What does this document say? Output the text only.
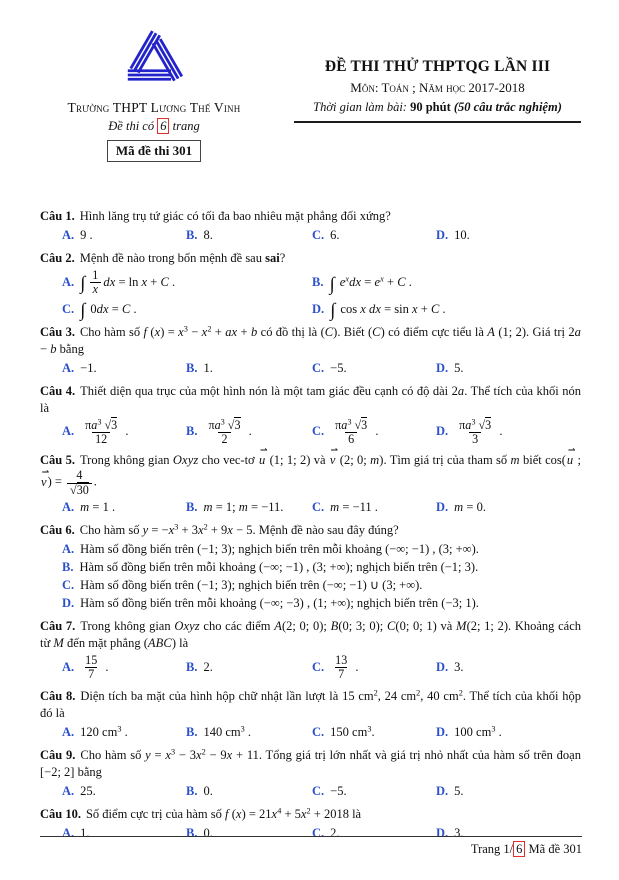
Trường THPT Lương Thế Vinh
Đề thi có 6 trang
Mã đề thi 301
ĐỀ THI THỬ THPTQG LẦN III
Môn: Toán ; Năm học 2017-2018
Thời gian làm bài: 90 phút (50 câu trắc nghiệm)
Câu 1. Hình lăng trụ tứ giác có tối đa bao nhiêu mặt phẳng đối xứng?
A. 9 .	B. 8.	C. 6.	D. 10.
Câu 2. Mệnh đề nào trong bốn mệnh đề sau sai?
A. ∫ $\frac{1}{x}$ dx = ln x + C .	B. ∫ $e^xdx = e^x + C$ .
C. ∫ 0dx = C .	D. ∫ cos x dx = sin x + C .
Câu 3. Cho hàm số f $(x) = x^3 - x^2$ + ax + b có đồ thị là (C). Biết (C) có điểm cực tiểu là A (1; 2). Giá trị 2a − b bằng
A. −1.	B. 1.	C. −5.	D. 5.
Câu 4. Thiết diện qua trục của một hình nón là một tam giác đều cạnh có độ dài 2a. Thể tích của khối nón là
A. $\frac{\pi a^3 √3}{12}$ .	B. $\frac{\pi a^3 √3}{2}$ .	C. $\frac{\pi a^3 √3}{6}$ .	D. $\frac{\pi a^3 √3}{3}$ .
Câu 5. Trong không gian Oxyz cho vec-tơ u ⇀ (1; 1; 2) và v ⇀ (2; 0; m). Tìm giá trị của tham số m biết cos(u ⇀ ; v ⇀) = $\frac{4}{√30}$ .
A. m = 1 .	B. m = 1; m = −11.	C. m = −11 .	D. m = 0.
Câu 6. Cho hàm số $y = -x^3 + 3x^2 + 9x - 5$. Mệnh đề nào sau đây đúng?
A. Hàm số đồng biến trên (−1; 3); nghịch biến trên mỗi khoảng (−∞; −1) , (3; +∞).
B. Hàm số đồng biến trên mỗi khoảng (−∞; −1) , (3; +∞); nghịch biến trên (−1; 3).
C. Hàm số đồng biến trên (−1; 3); nghịch biến trên (−∞; −1) ∪ (3; +∞).
D. Hàm số đồng biến trên mỗi khoảng (−∞; −3) , (1; +∞); nghịch biến trên (−3; 1).
Câu 7. Trong không gian Oxyz cho các điểm A(2; 0; 0); B(0; 3; 0); C(0; 0; 1) và M(2; 1; 2). Khoảng cách từ M đến mặt phẳng (ABC) là
A. $\frac{15}{7}$ .	B. 2.	C. $\frac{13}{7}$ .	D. 3.
Câu 8. Diện tích ba mặt của hình hộp chữ nhật lần lượt là 15 $cm^2$, 24 $cm^2$, 40 $cm^2$. Thể tích của khối hộp đó là
A. 120 $cm^3$ .	B. 140 $cm^3$ .	C. 150 $cm^3$.	D. 100 $cm^3$ .
Câu 9. Cho hàm số $y = x^3 - 3x^2 - 9x + 11$. Tổng giá trị lớn nhất và giá trị nhỏ nhất của hàm số trên đoạn [−2; 2] bằng
A. 25.	B. 0.	C. −5.	D. 5.
Câu 10. Số điểm cực trị của hàm số f $(x) = 21x^4 + 5x^2 + 2018$ là
A. 1.	B. 0.	C. 2.	D. 3.
Trang 1/ 6 Mã đề 301
